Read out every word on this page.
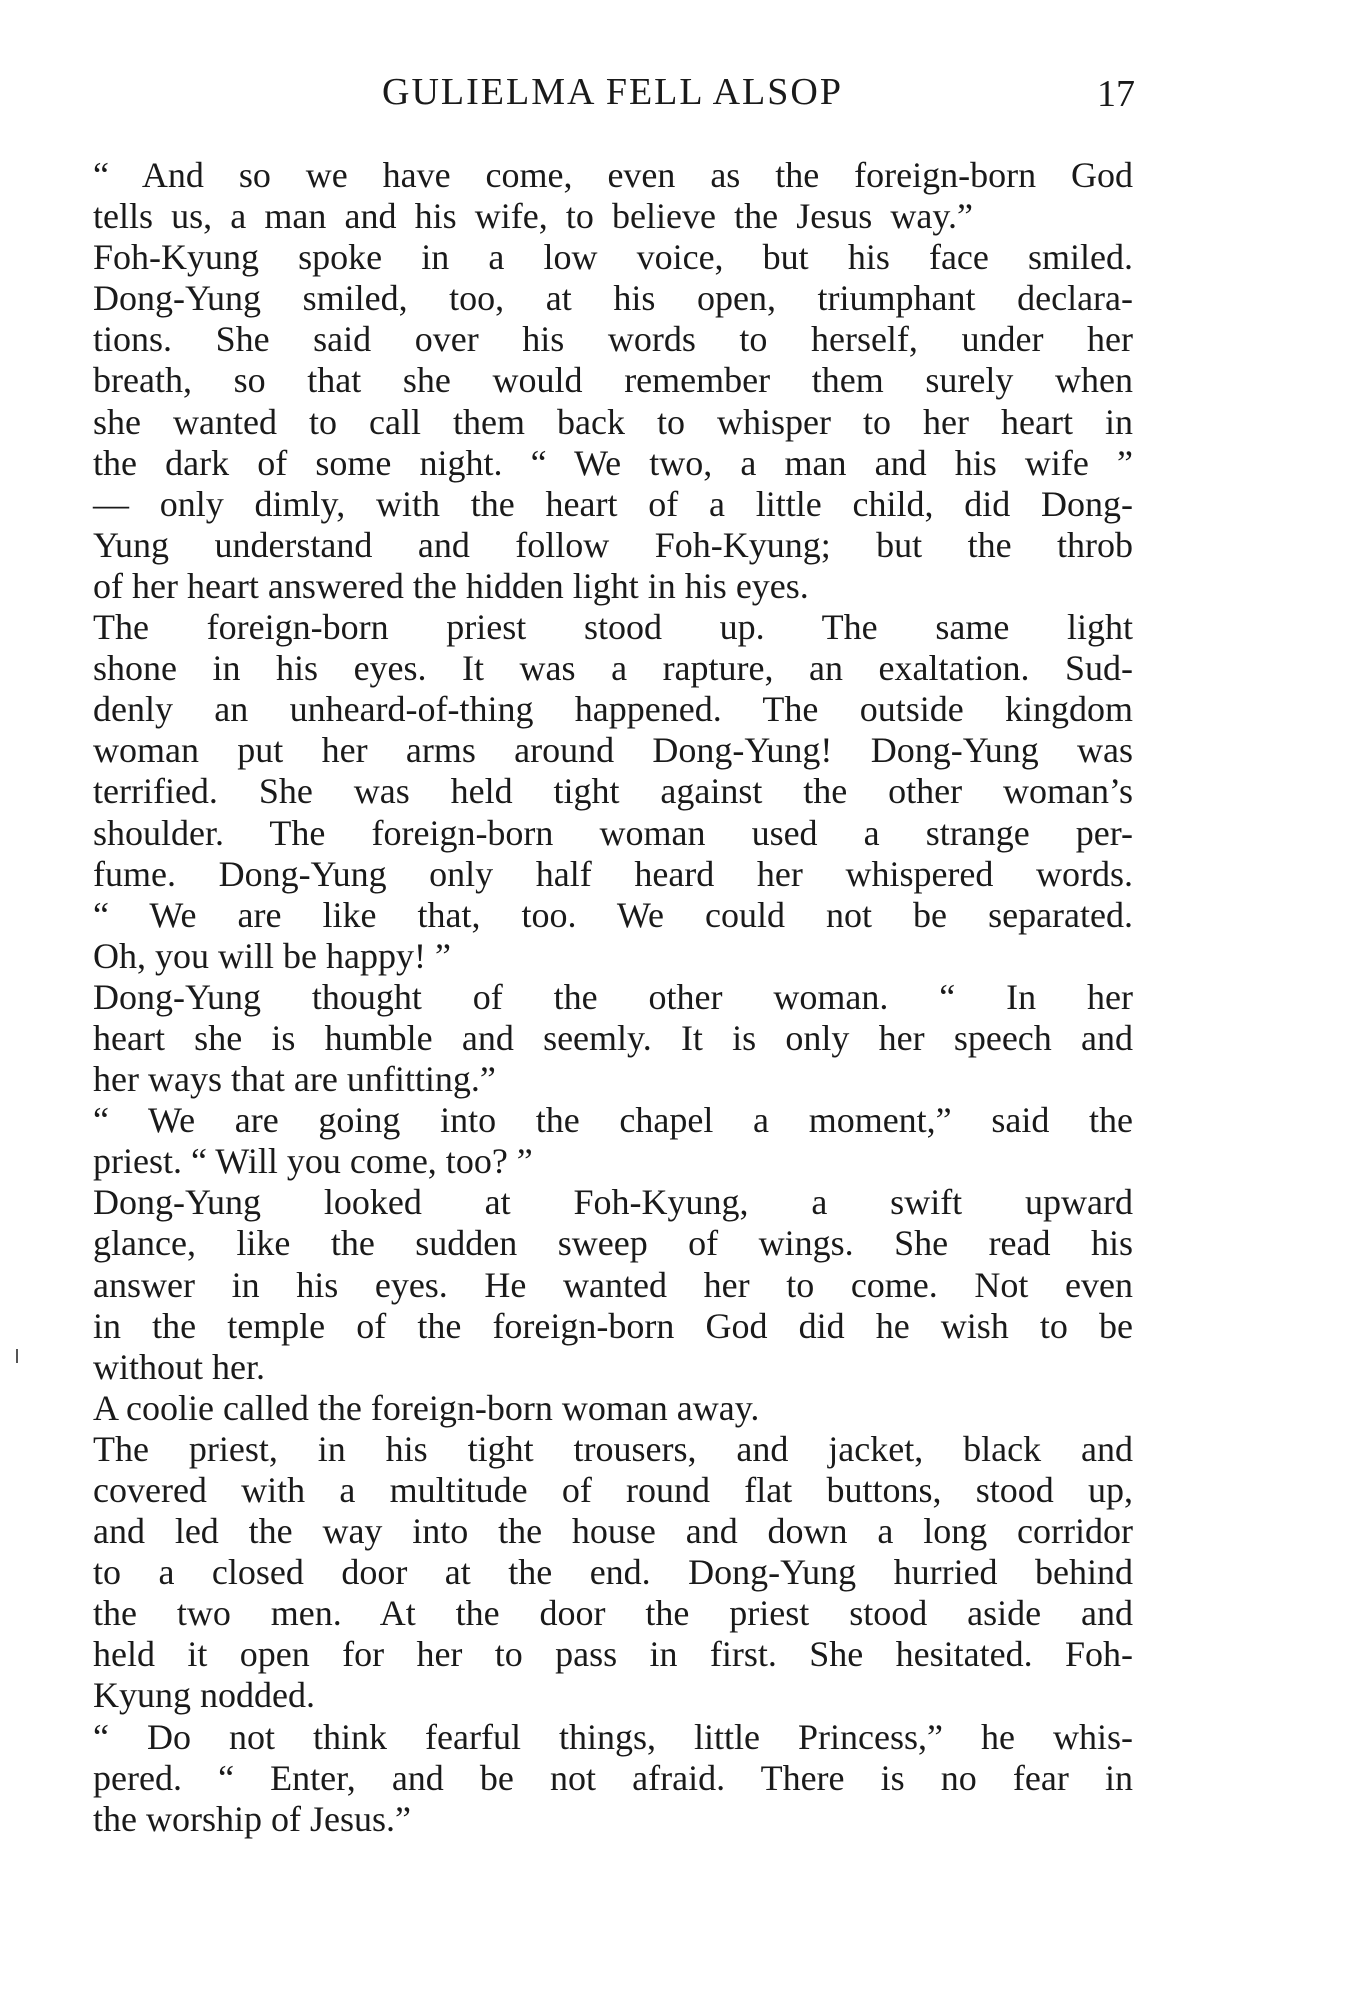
GULIELMA FELL ALSOP	17
“ And so we have come, even as the foreign-born God
tells us, a man and his wife, to believe the Jesus way.”
Foh-Kyung spoke in a low voice, but his face smiled.
Dong-Yung smiled, too, at his open, triumphant declara-
tions. She said over his words to herself, under her
breath, so that she would remember them surely when
she wanted to call them back to whisper to her heart in
the dark of some night. “ We two, a man and his wife ”
— only dimly, with the heart of a little child, did Dong-
Yung understand and follow Foh-Kyung; but the throb
of her heart answered the hidden light in his eyes.
The foreign-born priest stood up. The same light
shone in his eyes. It was a rapture, an exaltation. Sud-
denly an unheard-of-thing happened. The outside kingdom
woman put her arms around Dong-Yung! Dong-Yung was
terrified. She was held tight against the other woman’s
shoulder. The foreign-born woman used a strange per-
fume. Dong-Yung only half heard her whispered words.
“ We are like that, too. We could not be separated.
Oh, you will be happy! ”
Dong-Yung thought of the other woman. “ In her
heart she is humble and seemly. It is only her speech and
her ways that are unfitting.”
“ We are going into the chapel a moment,” said the
priest. “ Will you come, too? ”
Dong-Yung looked at Foh-Kyung, a swift upward
glance, like the sudden sweep of wings. She read his
answer in his eyes. He wanted her to come. Not even
in the temple of the foreign-born God did he wish to be
without her.
A coolie called the foreign-born woman away.
The priest, in his tight trousers, and jacket, black and
covered with a multitude of round flat buttons, stood up,
and led the way into the house and down a long corridor
to a closed door at the end. Dong-Yung hurried behind
the two men. At the door the priest stood aside and
held it open for her to pass in first. She hesitated. Foh-
Kyung nodded.
“ Do not think fearful things, little Princess,” he whis-
pered. “ Enter, and be not afraid. There is no fear in
the worship of Jesus.”
